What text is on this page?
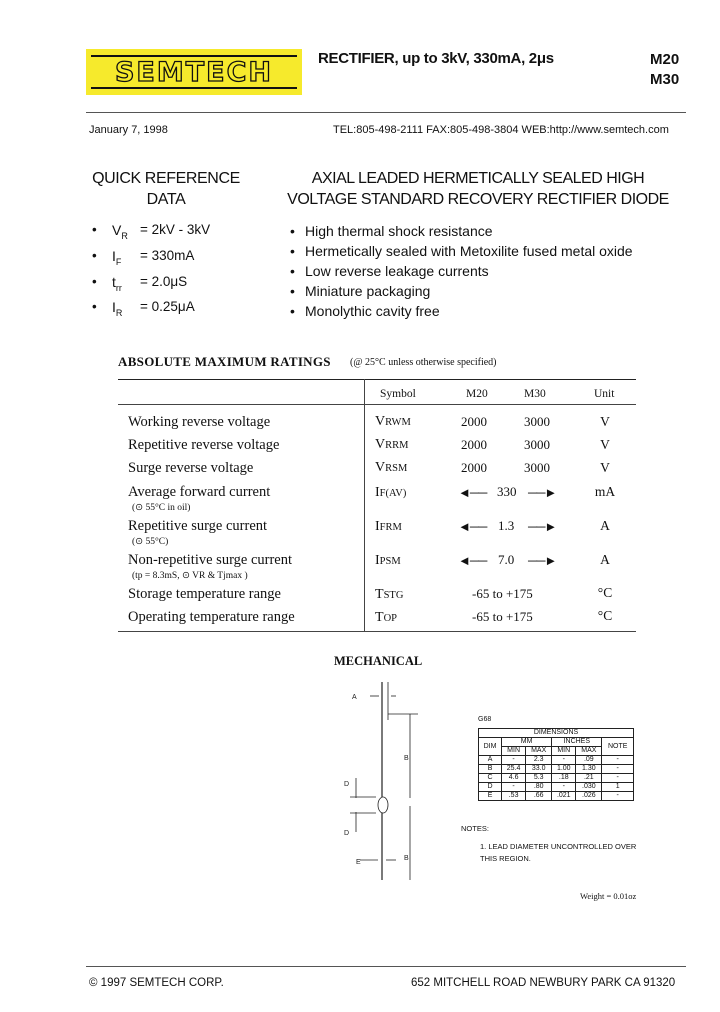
SEMTECH	RECTIFIER, up to 3kV, 330mA, 2μs	M20
M30
January 7, 1998	TEL:805-498-2111 FAX:805-498-3804 WEB:http://www.semtech.com
QUICK REFERENCE
DATA
•	$V_R = 2kV - 3kV$
•	$I_F$	= 330mA
•	$t_{rr}$	= 2.0μS
•	$I_R$	= 0.25μA
AXIAL LEADED HERMETICALLY SEALED HIGH
VOLTAGE STANDARD RECOVERY RECTIFIER DIODE
• High thermal shock resistance
• Hermetically sealed with Metoxilite fused metal oxide
• Low reverse leakage currents
• Miniature packaging
• Monolythic cavity free
ABSOLUTE MAXIMUM RATINGS (@ 25°C unless otherwise specified)
Symbol	M20	M30	Unit
Working reverse voltage	VRWM	2000	3000	V
Repetitive reverse voltage	VRRM	2000	3000	V
Surge reverse voltage	VRSM	2000	3000	V
Average forward current
(⊙ 55°C in oil)
IF(AV)	◄── 330 ──►	mA
Repetitive surge current
(⊙ 55°C)
IFRM	◄── 1.3 ──►	A
Non-repetitive surge current
(tp = 8.3mS, ⊙ VR & Tjmax )
IPSM	◄── 7.0 ──►	A
Storage temperature range	TSTG	-65 to +175	°C
Operating temperature range	TOP	-65 to +175	°C
MECHANICAL
A
B
D
D
B
E
G68
DIMENSIONS					
DIM	MM		INCHES		NOTE
	MIN	MAX	MIN	MAX	
A	-	2.3	-	.09	-
B	25.4	33.0	1.00	1.30	-
C	4.6	5.3	.18	.21	-
D	-	.80	-	.030	1
E	.53	.66	.021	.026	-
NOTES:
1. LEAD DIAMETER UNCONTROLLED OVER THIS REGION.
Weight = 0.01oz
© 1997 SEMTECH CORP.	652 MITCHELL ROAD NEWBURY PARK CA 91320
